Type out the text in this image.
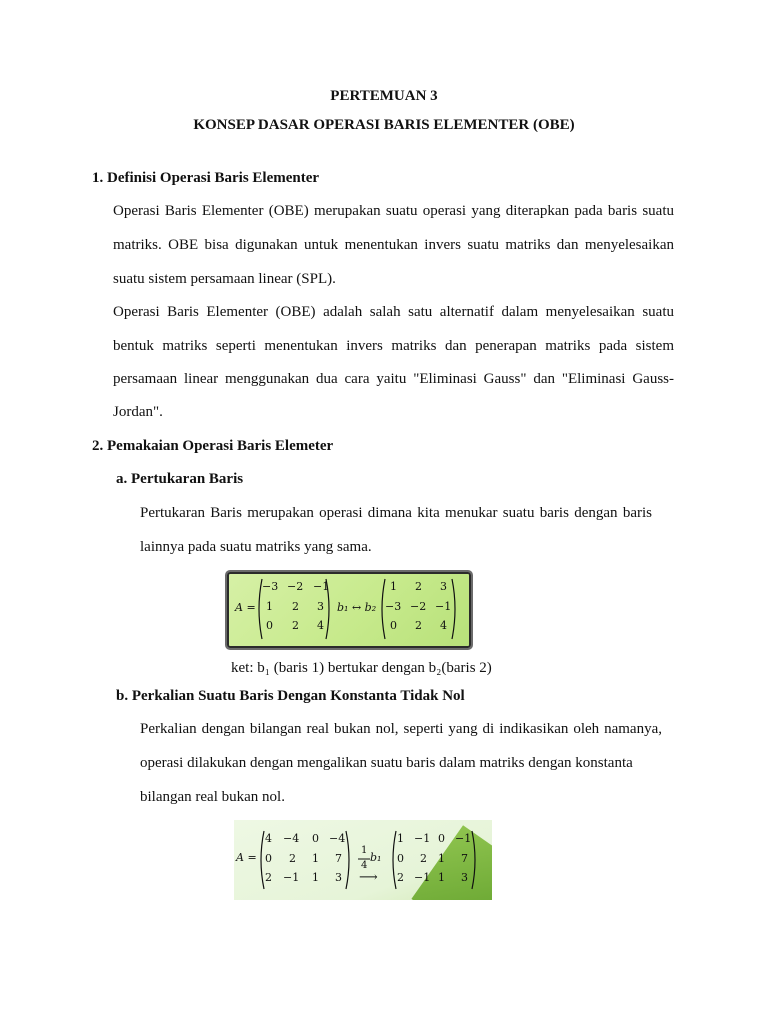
PERTEMUAN 3
KONSEP DASAR OPERASI BARIS ELEMENTER (OBE)
1. Definisi Operasi Baris Elementer
Operasi Baris Elementer (OBE) merupakan suatu operasi yang diterapkan pada baris suatu
matriks. OBE bisa digunakan untuk menentukan invers suatu matriks dan menyelesaikan
suatu sistem persamaan linear (SPL).
Operasi Baris Elementer (OBE) adalah salah satu alternatif dalam menyelesaikan suatu
bentuk matriks seperti menentukan invers matriks dan penerapan matriks pada sistem
persamaan linear menggunakan dua cara yaitu "Eliminasi Gauss" dan "Eliminasi Gauss-
Jordan".
2. Pemakaian Operasi Baris Elemeter
a. Pertukaran Baris
Pertukaran Baris merupakan operasi dimana kita menukar suatu baris dengan baris
lainnya pada suatu matriks yang sama.
A =
−3 −2 −1
1 2 3
0 2 4
b₁ ↔ b₂
1 2 3
−3 −2 −1
0 2 4
ket: b₁ (baris 1) bertukar dengan b₂(baris 2)
b. Perkalian Suatu Baris Dengan Konstanta Tidak Nol
Perkalian dengan bilangan real bukan nol, seperti yang di indikasikan oleh namanya,
operasi dilakukan dengan mengalikan suatu baris dalam matriks dengan konstanta
bilangan real bukan nol.
A =
4 −4 0 −4
0 2 1 7
2 −1 1 3
1
4
b₁
⟶
1 −1 0 −1
0 2 1 7
2 −1 1 3
